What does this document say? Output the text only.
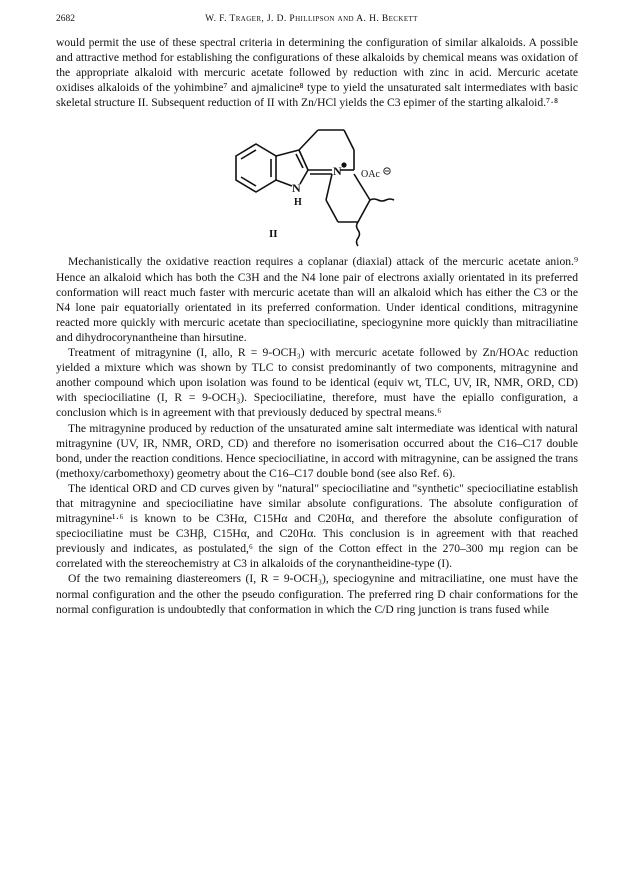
2682	W. F. Trager, J. D. Phillipson and A. H. Beckett

would permit the use of these spectral criteria in determining the configuration of similar alkaloids. A possible and attractive method for establishing the configurations of these alkaloids by chemical means was oxidation of the appropriate alkaloid with mercuric acetate followed by reduction with zinc in acid. Mercuric acetate oxidises alkaloids of the yohimbine⁷ and ajmalicine⁸ type to yield the unsaturated salt intermediates with basic skeletal structure II. Subsequent reduction of II with Zn/HCl yields the C3 epimer of the starting alkaloid.⁷·⁸

N
H
N OAc
II

Mechanistically the oxidative reaction requires a coplanar (diaxial) attack of the mercuric acetate anion.⁹ Hence an alkaloid which has both the C3H and the N4 lone pair of electrons axially orientated in its preferred conformation will react much faster with mercuric acetate than will an alkaloid which has either the C3 or the N4 lone pair equatorially orientated in its preferred conformation. Under identical conditions, mitragynine reacted more quickly with mercuric acetate than speciociliatine, speciogynine more quickly than mitraciliatine and dihydrocorynantheine than hirsutine.

Treatment of mitragynine (I, allo, R = 9-OCH₃) with mercuric acetate followed by Zn/HOAc reduction yielded a mixture which was shown by TLC to consist predominantly of two components, mitragynine and another compound which upon isolation was found to be identical (equiv wt, TLC, UV, IR, NMR, ORD, CD) with speciociliatine (I, R = 9-OCH₃). Speciociliatine, therefore, must have the epiallo configuration, a conclusion which is in agreement with that previously deduced by spectral means.⁶

The mitragynine produced by reduction of the unsaturated amine salt intermediate was identical with natural mitragynine (UV, IR, NMR, ORD, CD) and therefore no isomerisation occurred about the C16–C17 double bond, under the reaction conditions. Hence speciociliatine, in accord with mitragynine, can be assigned the trans (methoxy/carbomethoxy) geometry about the C16–C17 double bond (see also Ref. 6).

The identical ORD and CD curves given by "natural" speciociliatine and "synthetic" speciociliatine establish that mitragynine and speciociliatine have similar absolute configurations. The absolute configuration of mitragynine¹·⁶ is known to be C3Hα, C15Hα and C20Hα, and therefore the absolute configuration of speciociliatine must be C3Hβ, C15Hα, and C20Hα. This conclusion is in agreement with that reached previously and indicates, as postulated,⁶ the sign of the Cotton effect in the 270–300 mμ region can be correlated with the stereochemistry at C3 in alkaloids of the corynantheidine-type (I).

Of the two remaining diastereomers (I, R = 9-OCH₃), speciogynine and mitraciliatine, one must have the normal configuration and the other the pseudo configuration. The preferred ring D chair conformations for the normal configuration is undoubtedly that conformation in which the C/D ring junction is trans fused while
